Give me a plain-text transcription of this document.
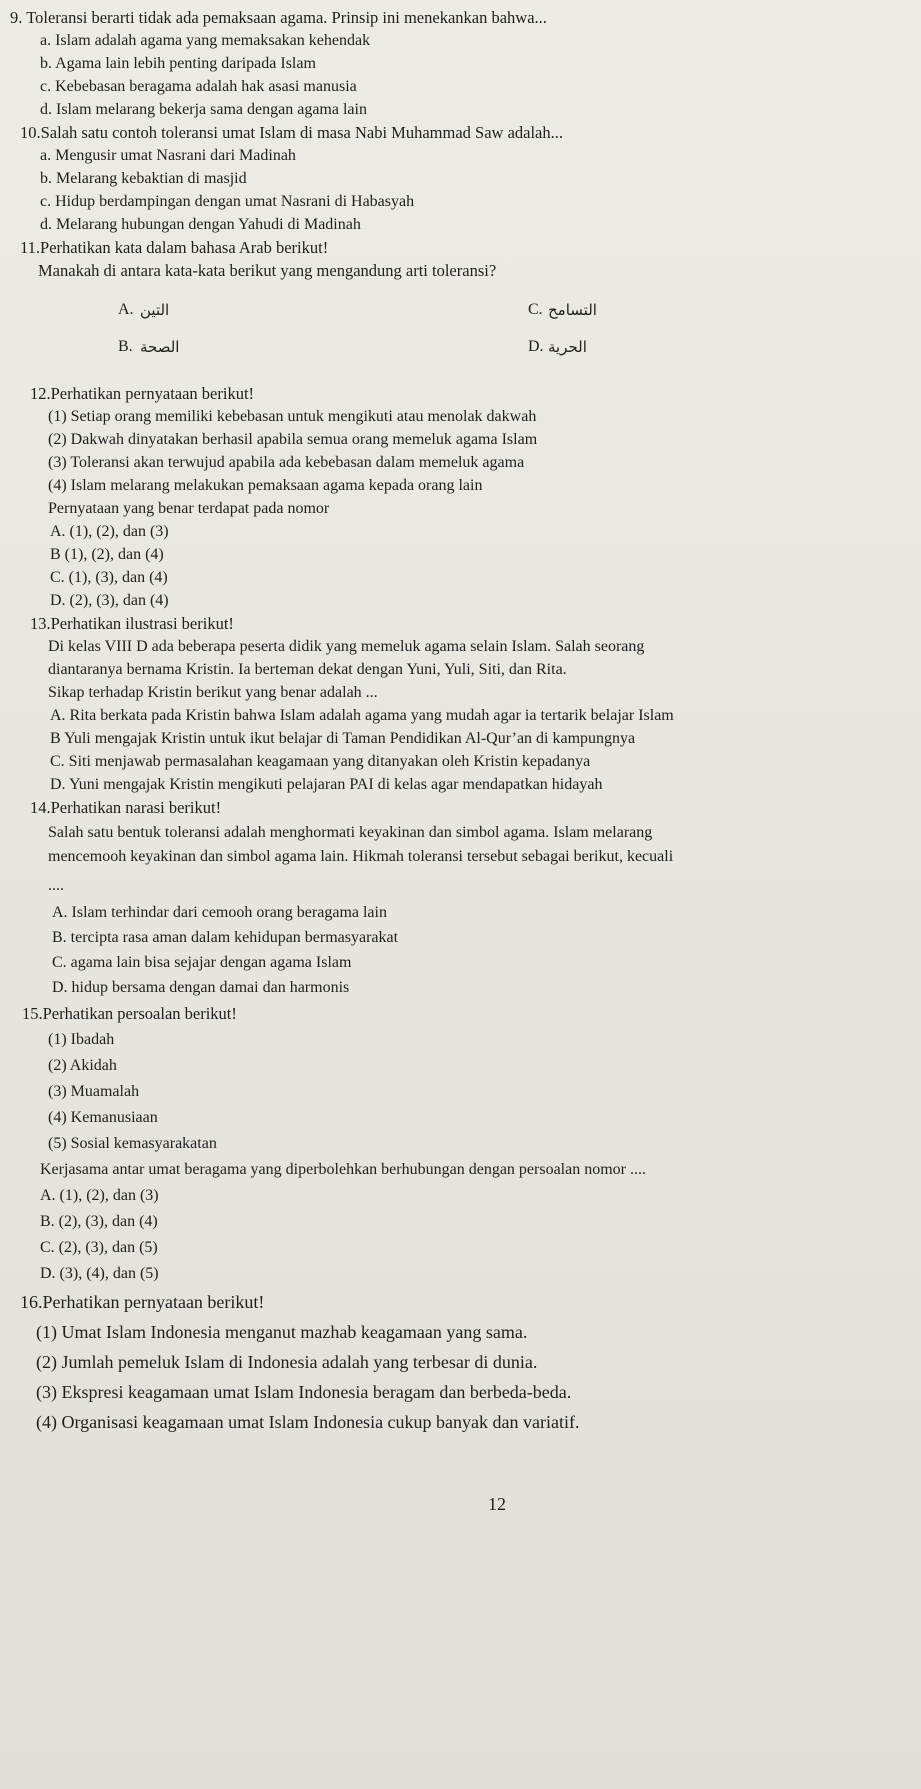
9. Toleransi berarti tidak ada pemaksaan agama. Prinsip ini menekankan bahwa...
a. Islam adalah agama yang memaksakan kehendak
b. Agama lain lebih penting daripada Islam
c. Kebebasan beragama adalah hak asasi manusia
d. Islam melarang bekerja sama dengan agama lain
10.Salah satu contoh toleransi umat Islam di masa Nabi Muhammad Saw adalah...
a. Mengusir umat Nasrani dari Madinah
b. Melarang kebaktian di masjid
c. Hidup berdampingan dengan umat Nasrani di Habasyah
d. Melarang hubungan dengan Yahudi di Madinah
11.Perhatikan kata dalam bahasa Arab berikut!
Manakah di antara kata-kata berikut yang mengandung arti toleransi?
A. التين	C. التسامح
B. الصحة	D. الحرية
12.Perhatikan pernyataan berikut!
(1) Setiap orang memiliki kebebasan untuk mengikuti atau menolak dakwah
(2) Dakwah dinyatakan berhasil apabila semua orang memeluk agama Islam
(3) Toleransi akan terwujud apabila ada kebebasan dalam memeluk agama
(4) Islam melarang melakukan pemaksaan agama kepada orang lain
Pernyataan yang benar terdapat pada nomor
A. (1), (2), dan (3)
B (1), (2), dan (4)
C. (1), (3), dan (4)
D. (2), (3), dan (4)
13.Perhatikan ilustrasi berikut!
Di kelas VIII D ada beberapa peserta didik yang memeluk agama selain Islam. Salah seorang
diantaranya bernama Kristin. Ia berteman dekat dengan Yuni, Yuli, Siti, dan Rita.
Sikap terhadap Kristin berikut yang benar adalah ...
A. Rita berkata pada Kristin bahwa Islam adalah agama yang mudah agar ia tertarik belajar Islam
B Yuli mengajak Kristin untuk ikut belajar di Taman Pendidikan Al-Qur’an di kampungnya
C. Siti menjawab permasalahan keagamaan yang ditanyakan oleh Kristin kepadanya
D. Yuni mengajak Kristin mengikuti pelajaran PAI di kelas agar mendapatkan hidayah
14.Perhatikan narasi berikut!
Salah satu bentuk toleransi adalah menghormati keyakinan dan simbol agama. Islam melarang
mencemooh keyakinan dan simbol agama lain. Hikmah toleransi tersebut sebagai berikut, kecuali
....
A. Islam terhindar dari cemooh orang beragama lain
B. tercipta rasa aman dalam kehidupan bermasyarakat
C. agama lain bisa sejajar dengan agama Islam
D. hidup bersama dengan damai dan harmonis
15.Perhatikan persoalan berikut!
(1) Ibadah
(2) Akidah
(3) Muamalah
(4) Kemanusiaan
(5) Sosial kemasyarakatan
Kerjasama antar umat beragama yang diperbolehkan berhubungan dengan persoalan nomor ....
A. (1), (2), dan (3)
B. (2), (3), dan (4)
C. (2), (3), dan (5)
D. (3), (4), dan (5)
16.Perhatikan pernyataan berikut!
(1) Umat Islam Indonesia menganut mazhab keagamaan yang sama.
(2) Jumlah pemeluk Islam di Indonesia adalah yang terbesar di dunia.
(3) Ekspresi keagamaan umat Islam Indonesia beragam dan berbeda-beda.
(4) Organisasi keagamaan umat Islam Indonesia cukup banyak dan variatif.
12
